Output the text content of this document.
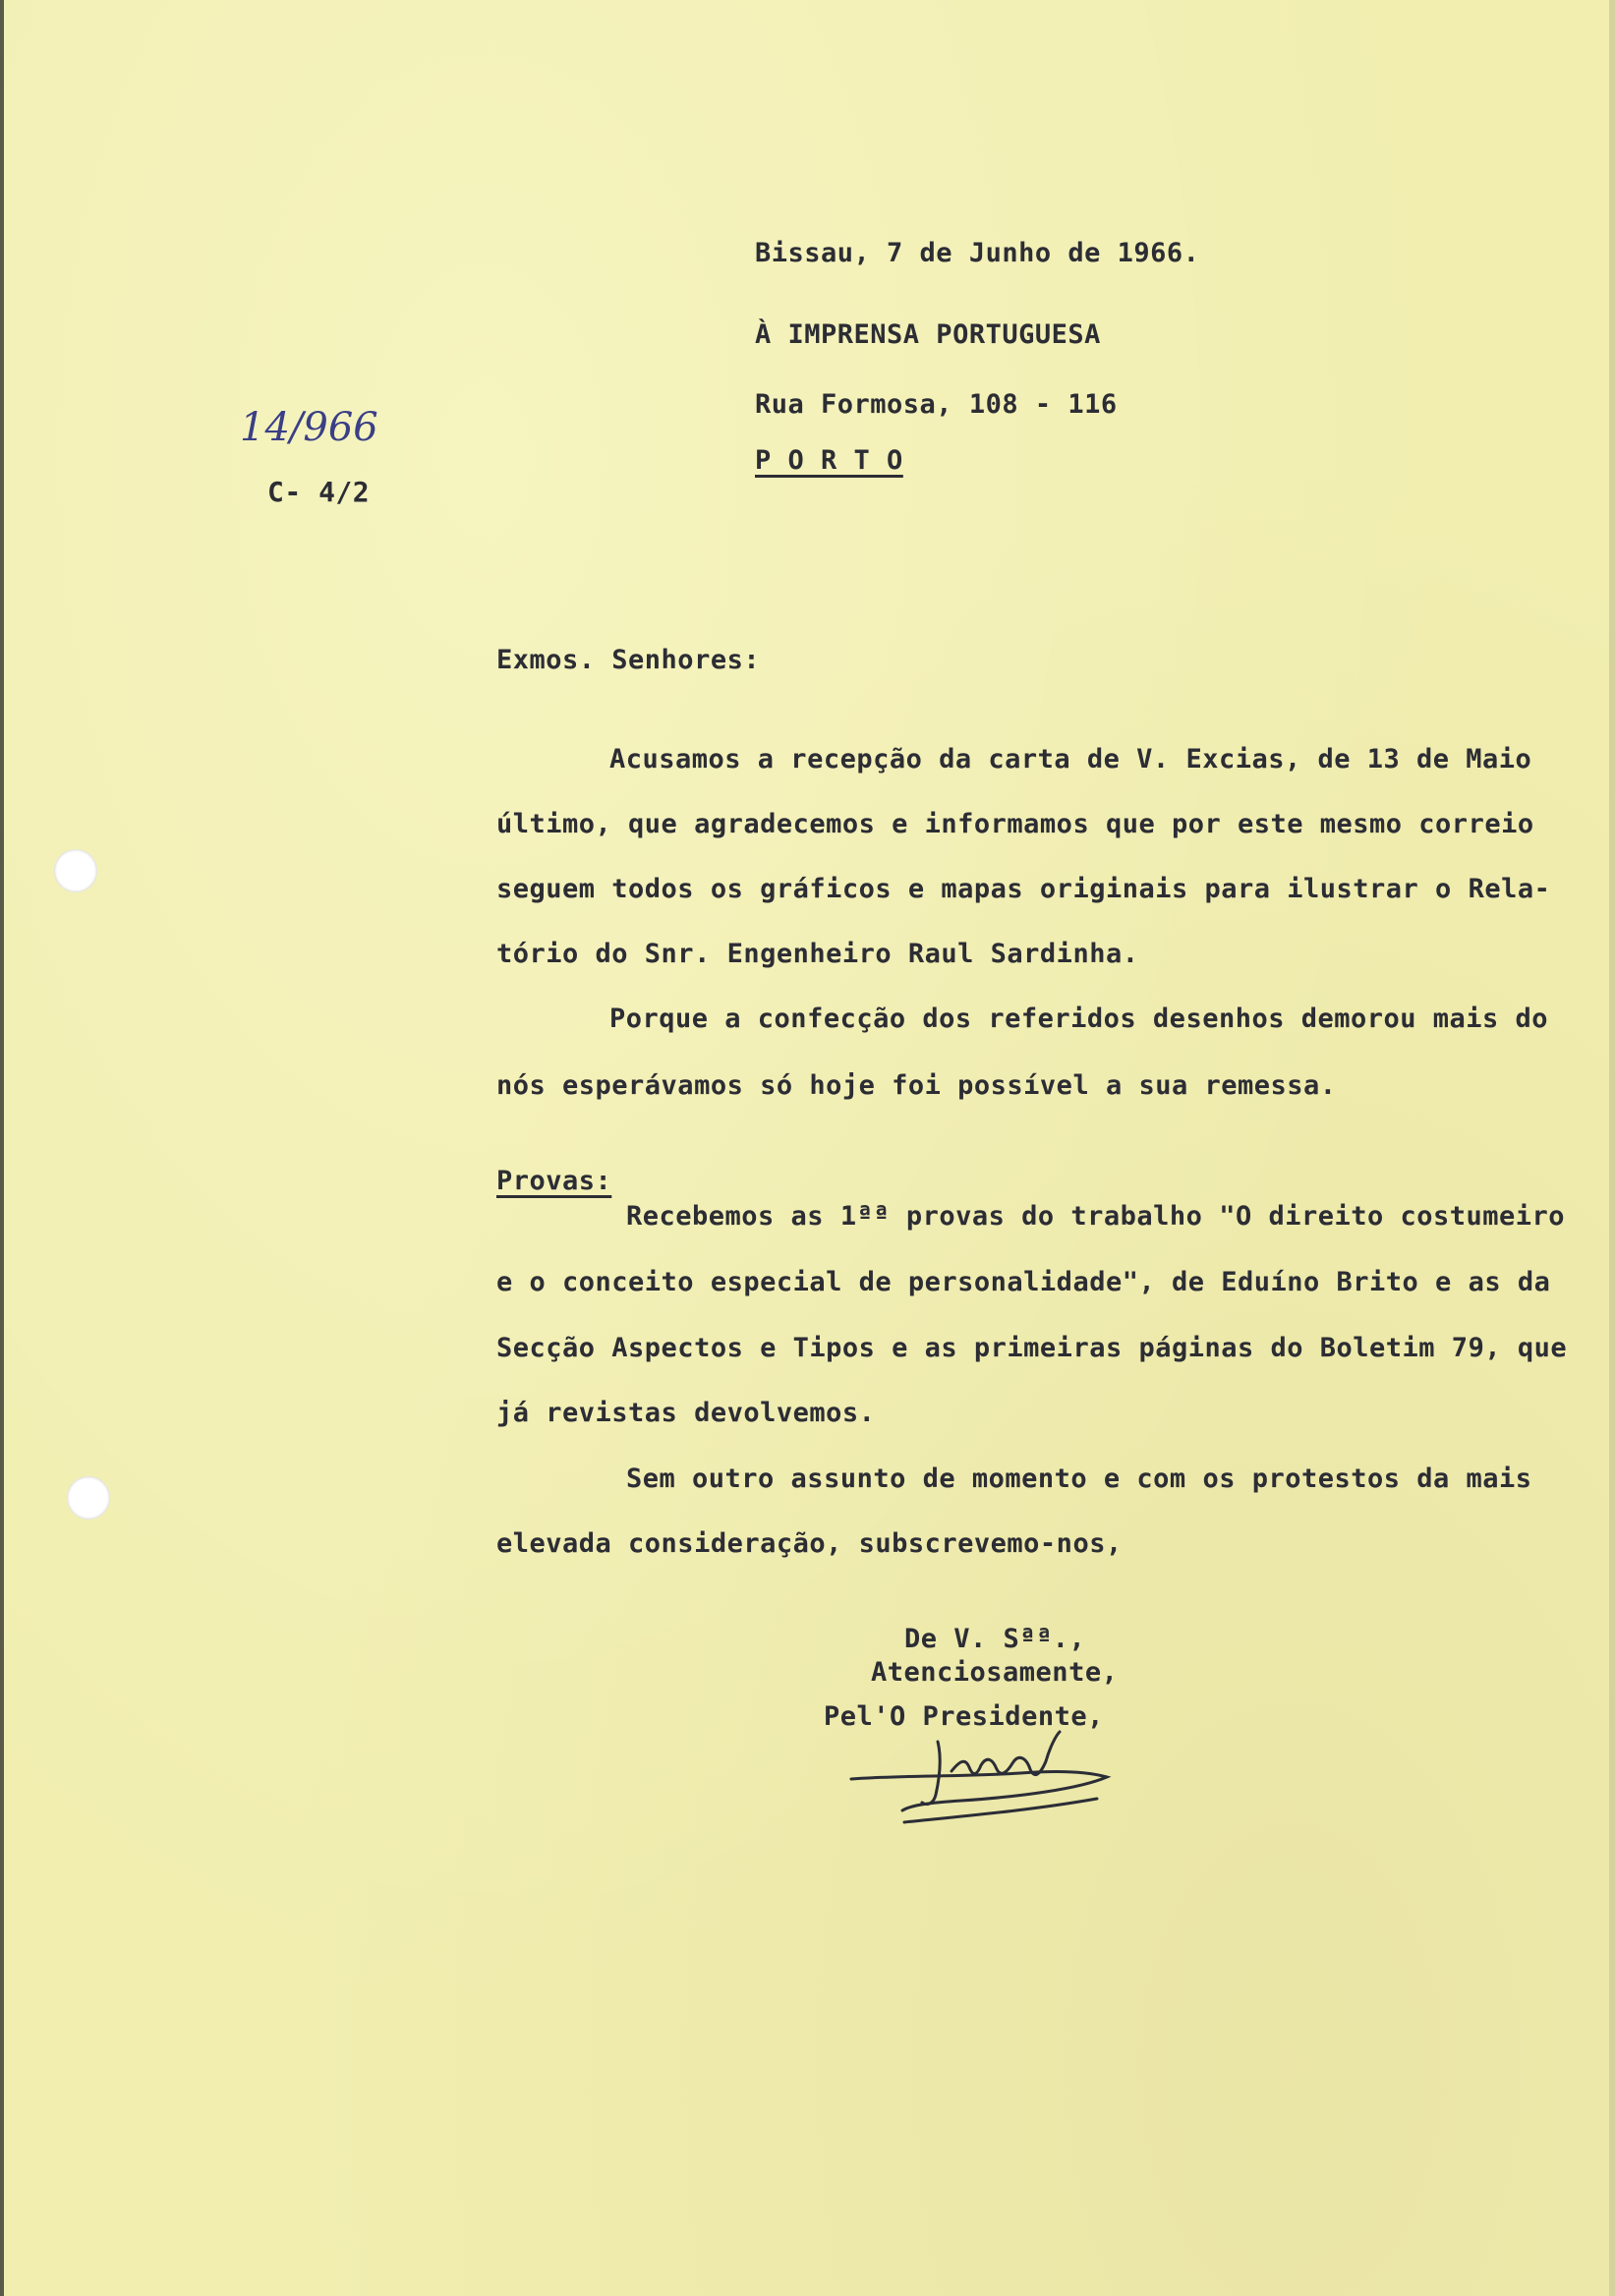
Bissau, 7 de Junho de 1966.
À IMPRENSA PORTUGUESA
Rua Formosa, 108 - 116
P O R T O
14/966
C- 4/2
Exmos. Senhores:
Acusamos a recepção da carta de V. Excias, de 13 de Maio
último, que agradecemos e informamos que por este mesmo correio
seguem todos os gráficos e mapas originais para ilustrar o Rela-
tório do Snr. Engenheiro Raul Sardinha.
Porque a confecção dos referidos desenhos demorou mais do
nós esperávamos só hoje foi possível a sua remessa.
Provas:
Recebemos as 1ªª provas do trabalho "O direito costumeiro
e o conceito especial de personalidade", de Eduíno Brito e as da
Secção Aspectos e Tipos e as primeiras páginas do Boletim 79, que
já revistas devolvemos.
Sem outro assunto de momento e com os protestos da mais
elevada consideração, subscrevemo-nos,
De V. Sªª.,
Atenciosamente,
Pel'O Presidente,
